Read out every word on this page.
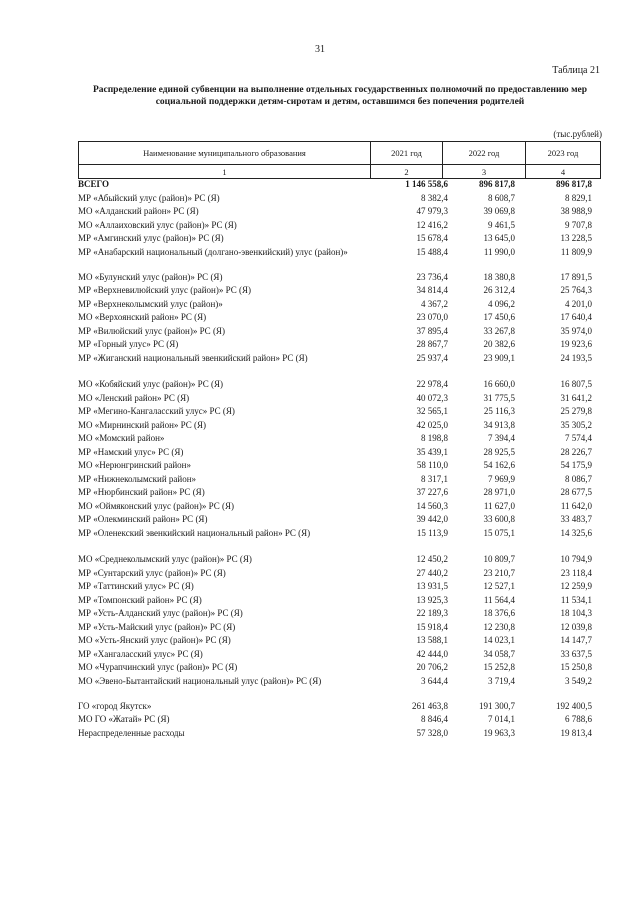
31
Таблица 21
Распределение единой субвенции на выполнение отдельных государственных полномочий по предоставлению мер социальной поддержки детям-сиротам и детям, оставшимся без попечения родителей
(тыс.рублей)
Наименование муниципального образования	2021 год	2022 год	2023 год
1	2	3	4
ВСЕГО	1 146 558,6	896 817,8	896 817,8
МР «Абыйский улус (район)» РС (Я)	8 382,4	8 608,7	8 829,1
МО «Алданский район» РС (Я)	47 979,3	39 069,8	38 988,9
МО «Аллаиховский улус (район)» РС (Я)	12 416,2	9 461,5	9 707,8
МР «Амгинский улус (район)» РС (Я)	15 678,4	13 645,0	13 228,5
МР «Анабарский национальный (долгано-эвенкийский) улус (район)»	15 488,4	11 990,0	11 809,9
МО «Булунский улус (район)» РС (Я)	23 736,4	18 380,8	17 891,5
МР «Верхневилюйский улус (район)» РС (Я)	34 814,4	26 312,4	25 764,3
МР «Верхнеколымский улус (район)»	4 367,2	4 096,2	4 201,0
МО «Верхоянский район» РС (Я)	23 070,0	17 450,6	17 640,4
МР «Вилюйский улус (район)» РС (Я)	37 895,4	33 267,8	35 974,0
МР «Горный улус» РС (Я)	28 867,7	20 382,6	19 923,6
МР «Жиганский национальный эвенкийский район» РС (Я)	25 937,4	23 909,1	24 193,5
МО «Кобяйский улус (район)» РС (Я)	22 978,4	16 660,0	16 807,5
МО «Ленский район» РС (Я)	40 072,3	31 775,5	31 641,2
МР «Мегино-Кангаласский улус» РС (Я)	32 565,1	25 116,3	25 279,8
МО «Мирнинский район» РС (Я)	42 025,0	34 913,8	35 305,2
МО «Момский район»	8 198,8	7 394,4	7 574,4
МР «Намский улус» РС (Я)	35 439,1	28 925,5	28 226,7
МО «Нерюнгринский район»	58 110,0	54 162,6	54 175,9
МР «Нижнеколымский район»	8 317,1	7 969,9	8 086,7
МР «Нюрбинский район» РС (Я)	37 227,6	28 971,0	28 677,5
МО «Оймяконский улус (район)» РС (Я)	14 560,3	11 627,0	11 642,0
МР «Олекминский район» РС (Я)	39 442,0	33 600,8	33 483,7
МР «Оленекский эвенкийский национальный район» РС (Я)	15 113,9	15 075,1	14 325,6
МО «Среднеколымский улус (район)» РС (Я)	12 450,2	10 809,7	10 794,9
МР «Сунтарский улус (район)» РС (Я)	27 440,2	23 210,7	23 118,4
МР «Таттинский улус» РС (Я)	13 931,5	12 527,1	12 259,9
МР «Томпонский район» РС (Я)	13 925,3	11 564,4	11 534,1
МР «Усть-Алданский улус (район)» РС (Я)	22 189,3	18 376,6	18 104,3
МР «Усть-Майский улус (район)» РС (Я)	15 918,4	12 230,8	12 039,8
МО «Усть-Янский улус (район)» РС (Я)	13 588,1	14 023,1	14 147,7
МР «Хангаласский улус» РС (Я)	42 444,0	34 058,7	33 637,5
МО «Чурапчинский улус (район)» РС (Я)	20 706,2	15 252,8	15 250,8
МО «Эвено-Бытантайский национальный улус (район)» РС (Я)	3 644,4	3 719,4	3 549,2
ГО «город Якутск»	261 463,8	191 300,7	192 400,5
МО ГО «Жатай» РС (Я)	8 846,4	7 014,1	6 788,6
Нераспределенные расходы	57 328,0	19 963,3	19 813,4
